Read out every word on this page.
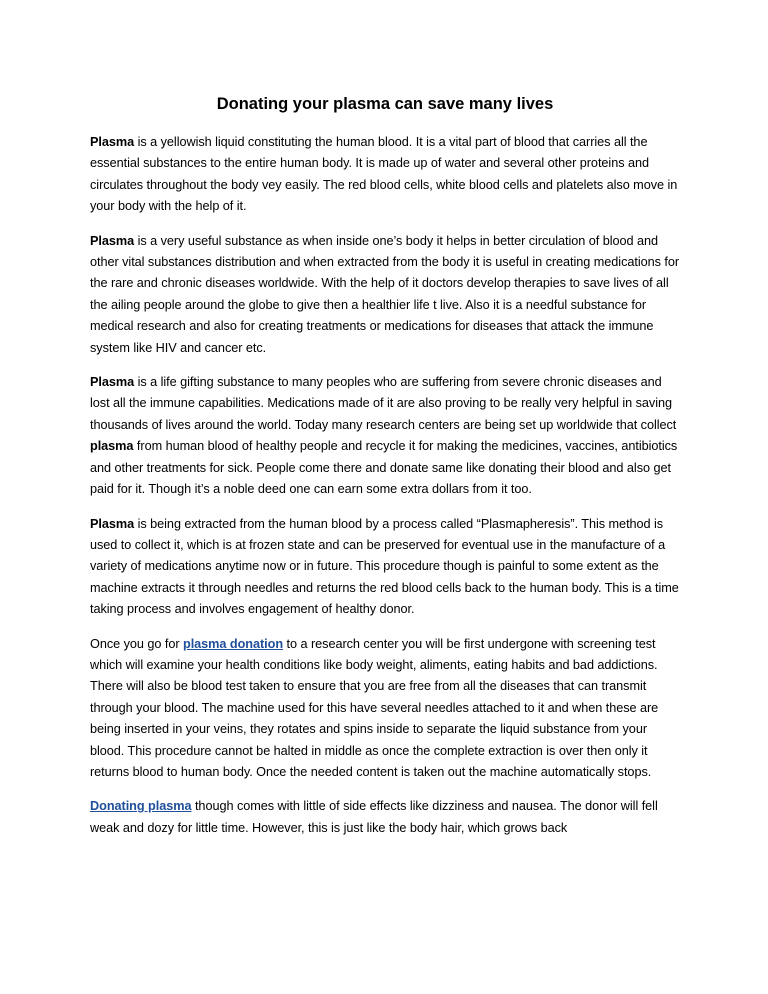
Donating your plasma can save many lives

Plasma is a yellowish liquid constituting the human blood. It is a vital part of blood that carries all the essential substances to the entire human body. It is made up of water and several other proteins and circulates throughout the body vey easily. The red blood cells, white blood cells and platelets also move in your body with the help of it.

Plasma is a very useful substance as when inside one’s body it helps in better circulation of blood and other vital substances distribution and when extracted from the body it is useful in creating medications for the rare and chronic diseases worldwide. With the help of it doctors develop therapies to save lives of all the ailing people around the globe to give then a healthier life t live. Also it is a needful substance for medical research and also for creating treatments or medications for diseases that attack the immune system like HIV and cancer etc.

Plasma is a life gifting substance to many peoples who are suffering from severe chronic diseases and lost all the immune capabilities. Medications made of it are also proving to be really very helpful in saving thousands of lives around the world. Today many research centers are being set up worldwide that collect plasma from human blood of healthy people and recycle it for making the medicines, vaccines, antibiotics and other treatments for sick. People come there and donate same like donating their blood and also get paid for it. Though it’s a noble deed one can earn some extra dollars from it too.

Plasma is being extracted from the human blood by a process called “Plasmapheresis”. This method is used to collect it, which is at frozen state and can be preserved for eventual use in the manufacture of a variety of medications anytime now or in future. This procedure though is painful to some extent as the machine extracts it through needles and returns the red blood cells back to the human body. This is a time taking process and involves engagement of healthy donor.

Once you go for plasma donation to a research center you will be first undergone with screening test which will examine your health conditions like body weight, aliments, eating habits and bad addictions. There will also be blood test taken to ensure that you are free from all the diseases that can transmit through your blood. The machine used for this have several needles attached to it and when these are being inserted in your veins, they rotates and spins inside to separate the liquid substance from your blood. This procedure cannot be halted in middle as once the complete extraction is over then only it returns blood to human body. Once the needed content is taken out the machine automatically stops.

Donating plasma though comes with little of side effects like dizziness and nausea. The donor will fell weak and dozy for little time. However, this is just like the body hair, which grows back
